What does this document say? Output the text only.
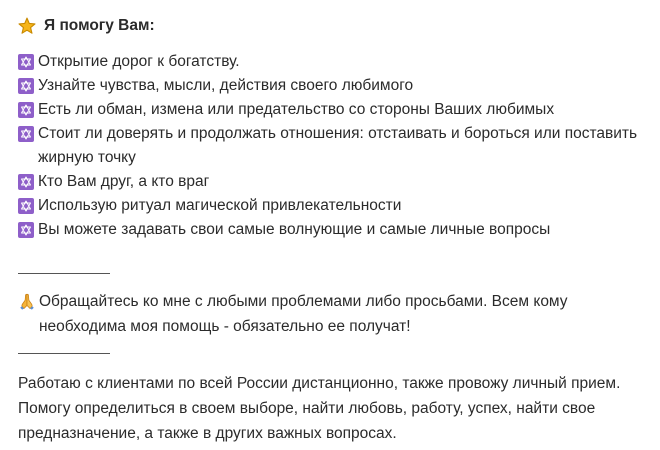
Я помогу Вам:
Открытие дорог к богатству.
Узнайте чувства, мысли, действия своего любимого
Есть ли обман, измена или предательство со стороны Ваших любимых
Стоит ли доверять и продолжать отношения: отстаивать и бороться или поставить жирную точку
Кто Вам друг, а кто враг
Использую ритуал магической привлекательности
Вы можете задавать свои самые волнующие и самые личные вопросы
Обращайтесь ко мне с любыми проблемами либо просьбами. Всем кому необходима моя помощь - обязательно ее получат!
Работаю с клиентами по всей России дистанционно, также провожу личный прием. Помогу определиться в своем выборе, найти любовь, работу, успех, найти свое предназначение, а также в других важных вопросах.
